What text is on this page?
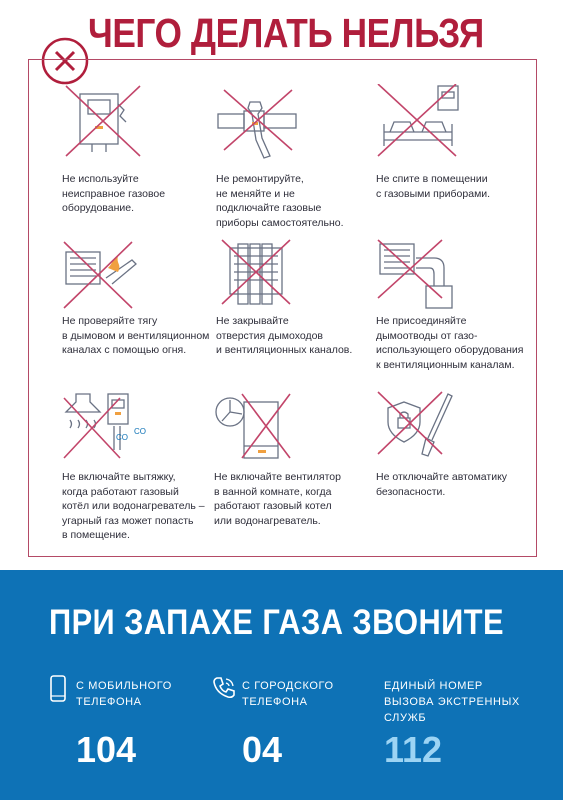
ЧЕГО ДЕЛАТЬ НЕЛЬЗЯ
Не используйте
неисправное газовое
оборудование.
Не ремонтируйте,
не меняйте и не
подключайте газовые
приборы самостоятельно.
Не спите в помещении
с газовыми приборами.
Не проверяйте тягу
в дымовом и вентиляционном
каналах с помощью огня.
Не закрывайте
отверстия дымоходов
и вентиляционных каналов.
Не присоединяйте
дымоотводы от газо-
использующего оборудования
к вентиляционным каналам.
CO
CO
Не включайте вытяжку,
когда работают газовый
котёл или водонагреватель –
угарный газ может попасть
в помещение.
Не включайте вентилятор
в ванной комнате, когда
работают газовый котел
или водонагреватель.
Не отключайте автоматику
безопасности.
ПРИ ЗАПАХЕ ГАЗА ЗВОНИТЕ
С МОБИЛЬНОГО
ТЕЛЕФОНА
104
С ГОРОДСКОГО
ТЕЛЕФОНА
04
ЕДИНЫЙ НОМЕР
ВЫЗОВА ЭКСТРЕННЫХ
СЛУЖБ
112
